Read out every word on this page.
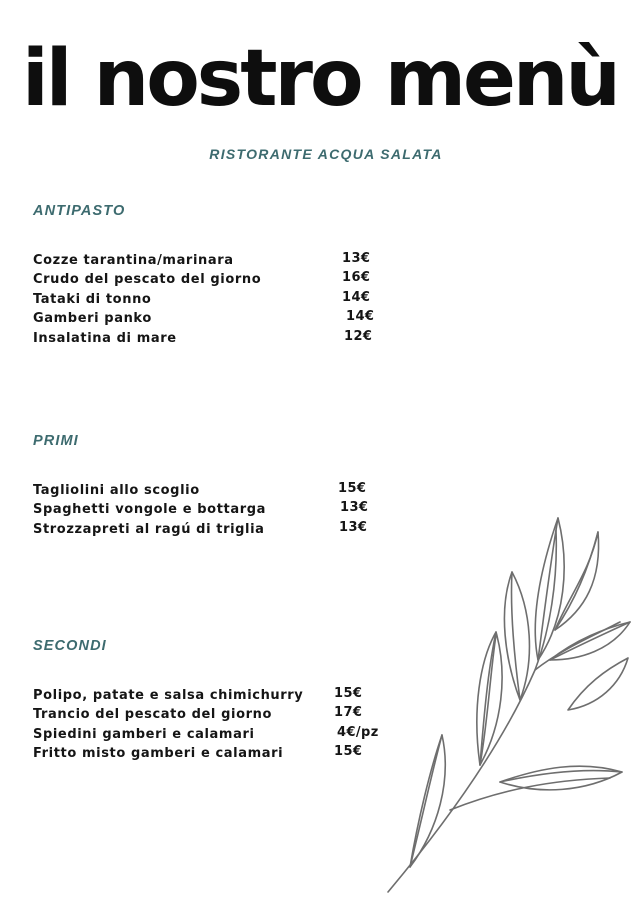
il nostro menù
RISTORANTE ACQUA SALATA
ANTIPASTO
Cozze tarantina/marinara	13€
Crudo del pescato del giorno	16€
Tataki di tonno	14€
Gamberi panko	14€
Insalatina di mare	12€
PRIMI
Tagliolini allo scoglio	15€
Spaghetti vongole e bottarga	13€
Strozzapreti al ragú di triglia	13€
SECONDI
Polipo, patate e salsa chimichurry 15€
Trancio del pescato del giorno	17€
Spiedini gamberi e calamari	4€/pz
Fritto misto gamberi e calamari	15€
